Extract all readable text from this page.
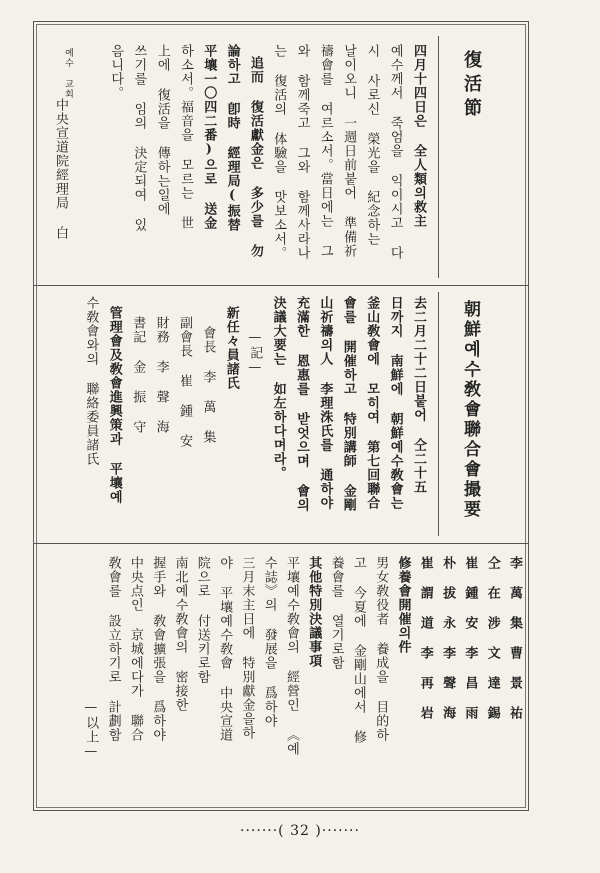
復活節
四月十四日은 全人類의救主
예수께서 죽엄을 익이시고 다
시 사로신 榮光을 紀念하는
날이오니 一週日前붙어 準備祈
禱會를 여르소서。當日에는 그
와 함께죽고 그와 함께사라나
는 復活의 体驗을 맛보소서。
追而 復活獻金은 多少를 勿
論하고 卽時 經理局(振替
平壤一〇四二番)으로 送金
하소서。福音을 모르는 世
上에 復活을 傳하는일에
쓰기를 임의 決定되여 있
음니다。
예수 교회
中央宣道院經理局 白
朝鮮예수敎會聯合會撮要
去二月二十二日붙어 仝二十五
日까지 南鮮에 朝鮮예수敎會는
釜山敎會에 모히여 第七回聯合
會를 開催하고 特別講師 金剛
山祈禱의人 李理洙氏를 通하야
充滿한 恩惠를 받엇으며 會의
決議大要는 如左하다며라。
—記—
新任々員諸氏
會長 李 萬 集
副會長 崔 鍾 安
財務 李 聲 海
書記 金 振 守
管理會及敎會進興策과 平壤예
수敎會와의 聯絡委員諸氏
李 萬 集 曹 景 祐
仝 在 涉 文 達 錫
崔 鍾 安 李 昌 雨
朴 拔 永 李 聲 海
崔 謂 道 李 再 岩
修養會開催의件
男女敎役者 養成을 目的하
고 今夏에 金剛山에서 修
養會를 열기로함
其他特別決議事項
平壤예수敎會의 經營인 《예
수誌》의 發展을 爲하야
三月末主日에 特別獻金을하
야 平壤예수敎會 中央宣道
院으로 付送키로함
南北예수敎會의 密接한
握手와 敎會擴張을 爲하야
中央点인 京城에다가 聯合
敎會를 設立하기로 計劃함
—以上—
·······( 32 )·······
